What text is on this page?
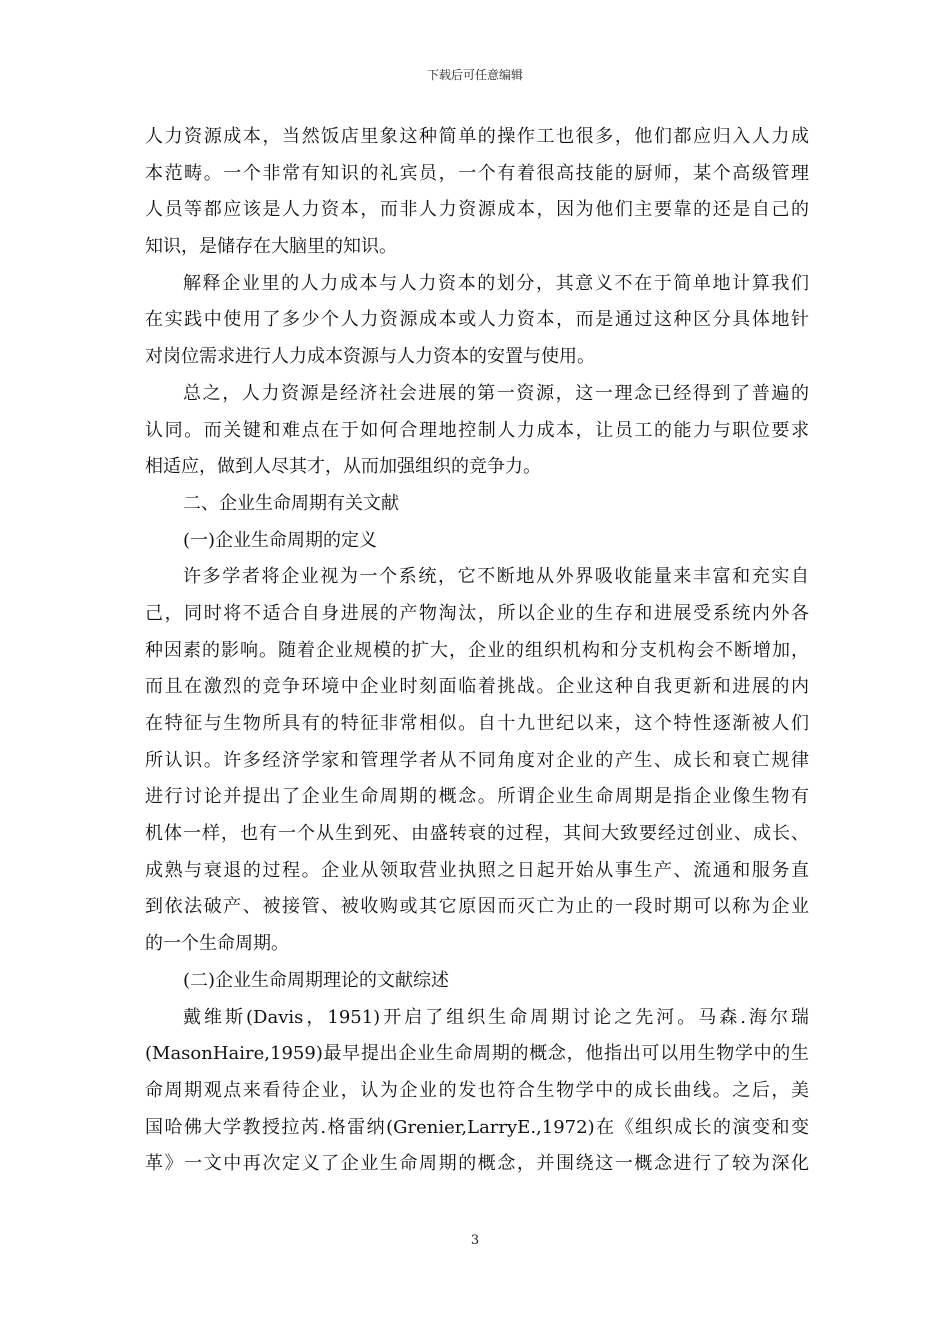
下载后可任意编辑
人力资源成本，当然饭店里象这种简单的操作工也很多，他们都应归入人力成
本范畴。一个非常有知识的礼宾员，一个有着很高技能的厨师，某个高级管理
人员等都应该是人力资本，而非人力资源成本，因为他们主要靠的还是自己的
知识，是储存在大脑里的知识。
解释企业里的人力成本与人力资本的划分，其意义不在于简单地计算我们
在实践中使用了多少个人力资源成本或人力资本，而是通过这种区分具体地针
对岗位需求进行人力成本资源与人力资本的安置与使用。
总之，人力资源是经济社会进展的第一资源，这一理念已经得到了普遍的
认同。而关键和难点在于如何合理地控制人力成本，让员工的能力与职位要求
相适应，做到人尽其才，从而加强组织的竞争力。
二、企业生命周期有关文献
(一)企业生命周期的定义
许多学者将企业视为一个系统，它不断地从外界吸收能量来丰富和充实自
己，同时将不适合自身进展的产物淘汰，所以企业的生存和进展受系统内外各
种因素的影响。随着企业规模的扩大，企业的组织机构和分支机构会不断增加，
而且在激烈的竞争环境中企业时刻面临着挑战。企业这种自我更新和进展的内
在特征与生物所具有的特征非常相似。自十九世纪以来，这个特性逐渐被人们
所认识。许多经济学家和管理学者从不同角度对企业的产生、成长和衰亡规律
进行讨论并提出了企业生命周期的概念。所谓企业生命周期是指企业像生物有
机体一样，也有一个从生到死、由盛转衰的过程，其间大致要经过创业、成长、
成熟与衰退的过程。企业从领取营业执照之日起开始从事生产、流通和服务直
到依法破产、被接管、被收购或其它原因而灭亡为止的一段时期可以称为企业
的一个生命周期。
(二)企业生命周期理论的文献综述
戴维斯(Davis，1951)开启了组织生命周期讨论之先河。马森.海尔瑞
(MasonHaire,1959)最早提出企业生命周期的概念，他指出可以用生物学中的生
命周期观点来看待企业，认为企业的发也符合生物学中的成长曲线。之后，美
国哈佛大学教授拉芮.格雷纳(Grenier,LarryE.,1972)在《组织成长的演变和变
革》一文中再次定义了企业生命周期的概念，并围绕这一概念进行了较为深化
3
